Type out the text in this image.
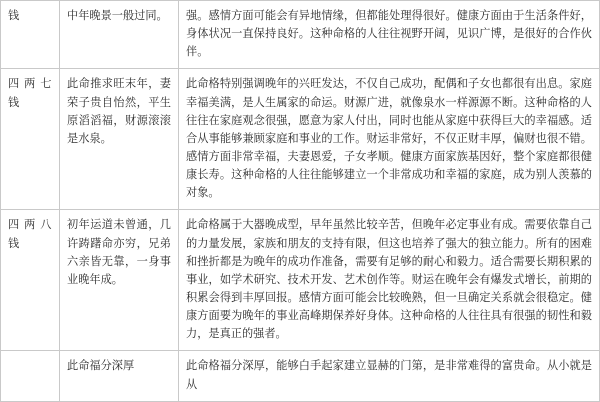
钱	中年晚景一般过同。	强。感情方面可能会有异地情缘，但都能处理得很好。健康方面由于生活条件好，身体状况一直保持良好。这种命格的人往往视野开阔，见识广博，是很好的合作伙伴。
四两七钱	此命推求旺末年，妻荣子贵自怡然，平生原滔滔福，财源滚滚是水泉。	此命格特别强调晚年的兴旺发达，不仅自己成功，配偶和子女也都很有出息。家庭幸福美满，是人生属家的命运。财源广进，就像泉水一样源源不断。这种命格的人往往在家庭观念很强，愿意为家人付出，同时也能从家庭中获得巨大的幸福感。适合从事能够兼顾家庭和事业的工作。财运非常好，不仅正财丰厚，偏财也很不错。感情方面非常幸福，夫妻恩爱，子女孝顺。健康方面家族基因好，整个家庭都很健康长寿。这种命格的人往往能够建立一个非常成功和幸福的家庭，成为别人羡慕的对象。
四两八钱	初年运道未曾通，几许踌躇命亦穷，兄弟六亲皆无靠，一身事业晚年成。	此命格属于大器晚成型，早年虽然比较辛苦，但晚年必定事业有成。需要依靠自己的力量发展，家族和朋友的支持有限，但这也培养了强大的独立能力。所有的困难和挫折都是为晚年的成功作准备，需要有足够的耐心和毅力。适合需要长期积累的事业，如学术研究、技术开发、艺术创作等。财运在晚年会有爆发式增长，前期的积累会得到丰厚回报。感情方面可能会比较晚熟，但一旦确定关系就会很稳定。健康方面要为晚年的事业高峰期保养好身体。这种命格的人往往具有很强的韧性和毅力，是真正的强者。
	此命福分深厚	此命格福分深厚，能够白手起家建立显赫的门第，是非常难得的富贵命。从小就是从
